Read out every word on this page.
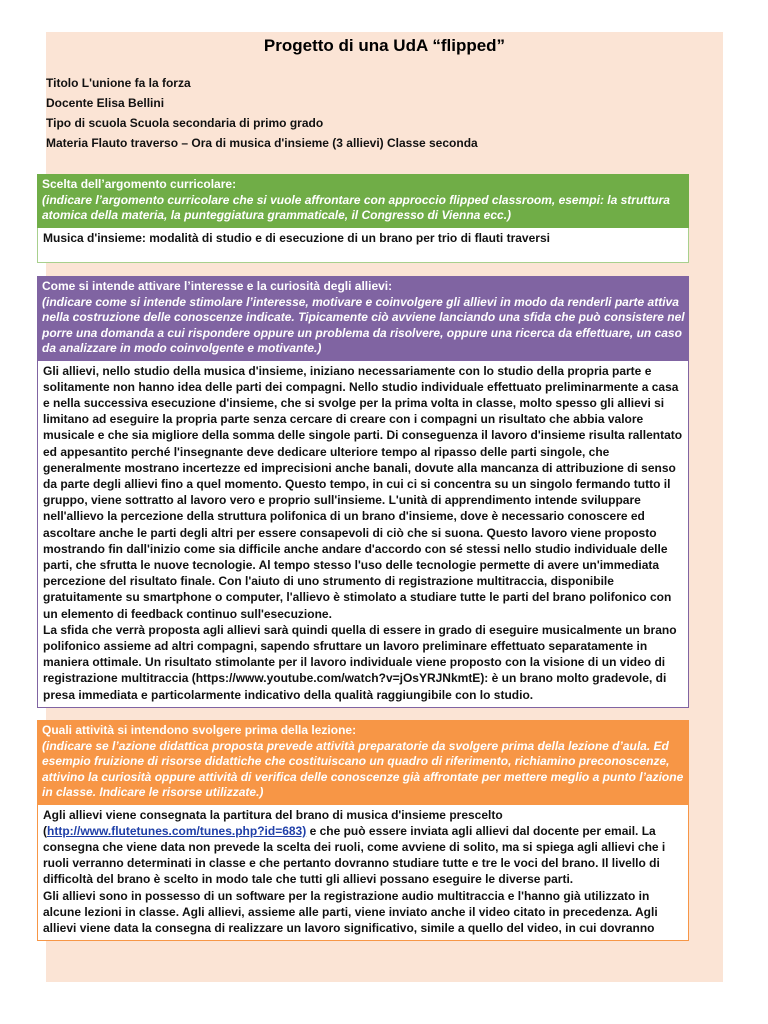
Progetto di una UdA “flipped”
Titolo L'unione fa la forza
Docente Elisa Bellini
Tipo di scuola Scuola secondaria di primo grado
Materia Flauto traverso – Ora di musica d'insieme (3 allievi) Classe seconda

Scelta dell’argomento curricolare:

(indicare l’argomento curricolare che si vuole affrontare con approccio flipped classroom, esempi: la struttura atomica della materia, la punteggiatura grammaticale, il Congresso di Vienna ecc.)

Musica d'insieme: modalità di studio e di esecuzione di un brano per trio di flauti traversi

Come si intende attivare l’interesse e la curiosità degli allievi:

(indicare come si intende stimolare l’interesse, motivare e coinvolgere gli allievi in modo da renderli parte attiva nella costruzione delle conoscenze indicate. Tipicamente ciò avviene lanciando una sfida che può consistere nel porre una domanda a cui rispondere oppure un problema da risolvere, oppure una ricerca da effettuare, un caso da analizzare in modo coinvolgente e motivante.)

Gli allievi, nello studio della musica d'insieme, iniziano necessariamente con lo studio della propria parte e solitamente non hanno idea delle parti dei compagni. Nello studio individuale effettuato preliminarmente a casa e nella successiva esecuzione d'insieme, che si svolge per la prima volta in classe, molto spesso gli allievi si limitano ad eseguire la propria parte senza cercare di creare con i compagni un risultato che abbia valore musicale e che sia migliore della somma delle singole parti. Di conseguenza il lavoro d'insieme risulta rallentato ed appesantito perché l'insegnante deve dedicare ulteriore tempo al ripasso delle parti singole, che generalmente mostrano incertezze ed imprecisioni anche banali, dovute alla mancanza di attribuzione di senso da parte degli allievi fino a quel momento. Questo tempo, in cui ci si concentra su un singolo fermando tutto il gruppo, viene sottratto al lavoro vero e proprio sull'insieme. L'unità di apprendimento intende sviluppare nell'allievo la percezione della struttura polifonica di un brano d'insieme, dove è necessario conoscere ed ascoltare anche le parti degli altri per essere consapevoli di ciò che si suona. Questo lavoro viene proposto mostrando fin dall'inizio come sia difficile anche andare d'accordo con sé stessi nello studio individuale delle parti, che sfrutta le nuove tecnologie. Al tempo stesso l'uso delle tecnologie permette di avere un'immediata percezione del risultato finale. Con l'aiuto di uno strumento di registrazione multitraccia, disponibile gratuitamente su smartphone o computer, l'allievo è stimolato a studiare tutte le parti del brano polifonico con un elemento di feedback continuo sull'esecuzione.

La sfida che verrà proposta agli allievi sarà quindi quella di essere in grado di eseguire musicalmente un brano polifonico assieme ad altri compagni, sapendo sfruttare un lavoro preliminare effettuato separatamente in maniera ottimale. Un risultato stimolante per il lavoro individuale viene proposto con la visione di un video di registrazione multitraccia (https://www.youtube.com/watch?v=jOsYRJNkmtE): è un brano molto gradevole, di presa immediata e particolarmente indicativo della qualità raggiungibile con lo studio.

Quali attività si intendono svolgere prima della lezione:

(indicare se l’azione didattica proposta prevede attività preparatorie da svolgere prima della lezione d’aula. Ed esempio fruizione di risorse didattiche che costituiscano un quadro di riferimento, richiamino preconoscenze, attivino la curiosità oppure attività di verifica delle conoscenze già affrontate per mettere meglio a punto l’azione in classe. Indicare le risorse utilizzate.)

Agli allievi viene consegnata la partitura del brano di musica d'insieme prescelto (http://www.flutetunes.com/tunes.php?id=683) e che può essere inviata agli allievi dal docente per email. La consegna che viene data non prevede la scelta dei ruoli, come avviene di solito, ma si spiega agli allievi che i ruoli verranno determinati in classe e che pertanto dovranno studiare tutte e tre le voci del brano. Il livello di difficoltà del brano è scelto in modo tale che tutti gli allievi possano eseguire le diverse parti.

Gli allievi sono in possesso di un software per la registrazione audio multitraccia e l'hanno già utilizzato in alcune lezioni in classe. Agli allievi, assieme alle parti, viene inviato anche il video citato in precedenza. Agli allievi viene data la consegna di realizzare un lavoro significativo, simile a quello del video, in cui dovranno
